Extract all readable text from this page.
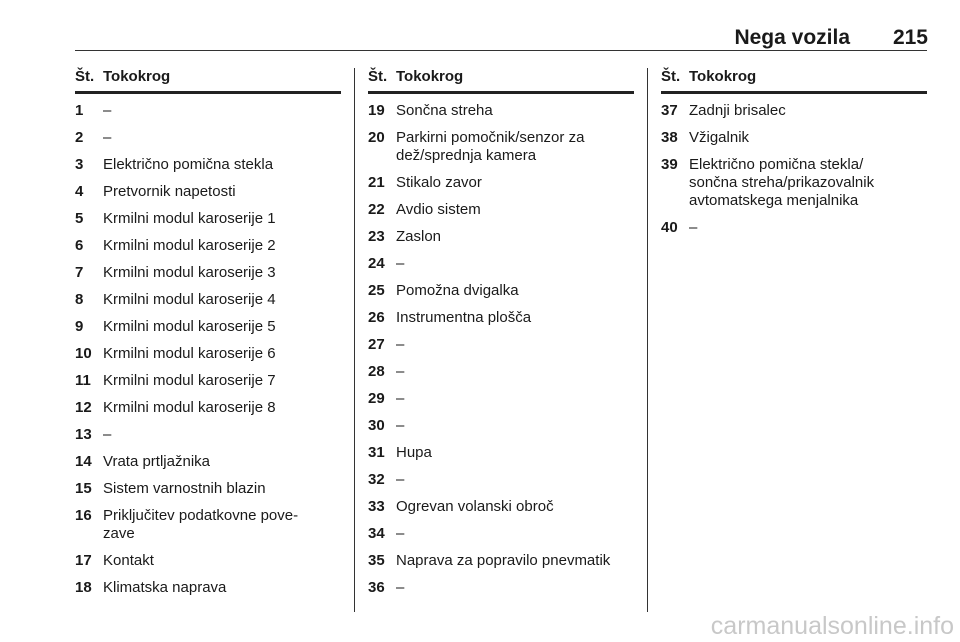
Nega vozila	215
Št. Tokokrog
1	–
2	–
3	Električno pomična stekla
4	Pretvornik napetosti
5	Krmilni modul karoserije 1
6	Krmilni modul karoserije 2
7	Krmilni modul karoserije 3
8	Krmilni modul karoserije 4
9	Krmilni modul karoserije 5
10 Krmilni modul karoserije 6
11 Krmilni modul karoserije 7
12 Krmilni modul karoserije 8
13 –
14 Vrata prtljažnika
15 Sistem varnostnih blazin
16 Priključitev podatkovne pove-
zave
17 Kontakt
18 Klimatska naprava
Št. Tokokrog
19 Sončna streha
20 Parkirni pomočnik/senzor za
dež/sprednja kamera
21 Stikalo zavor
22 Avdio sistem
23 Zaslon
24 –
25 Pomožna dvigalka
26 Instrumentna plošča
27 –
28 –
29 –
30 –
31 Hupa
32 –
33 Ogrevan volanski obroč
34 –
35 Naprava za popravilo pnevmatik
36 –
Št. Tokokrog
37 Zadnji brisalec
38 Vžigalnik
39 Električno pomična stekla/
sončna streha/prikazovalnik
avtomatskega menjalnika
40 –
carmanualsonline.info
